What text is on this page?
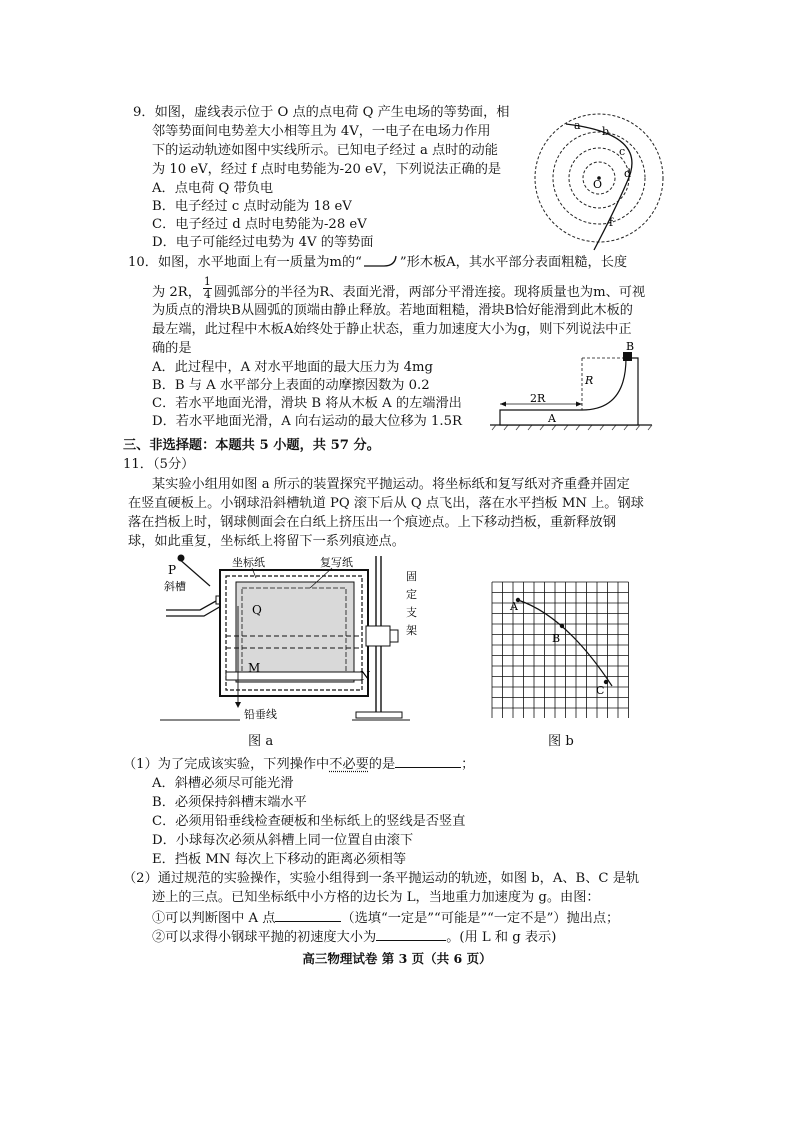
9．如图，虚线表示位于 O 点的点电荷 Q 产生电场的等势面，相
邻等势面间电势差大小相等且为 4V，一电子在电场力作用
下的运动轨迹如图中实线所示。已知电子经过 a 点时的动能
为 10 eV，经过 f 点时电势能为-20 eV，下列说法正确的是
A．点电荷 Q 带负电
B．电子经过 c 点时动能为 18 eV
C．电子经过 d 点时电势能为-28 eV
D．电子可能经过电势为 4V 的等势面
a b
c
d
O
f
10．如图，水平地面上有一质量为m的“	”形木板A，其水平部分表面粗糙，长度
为 2R， $\frac{1}{4}$ 圆弧部分的半径为R、表面光滑，两部分平滑连接。现将质量也为m、可视
为质点的滑块B从圆弧的顶端由静止释放。若地面粗糙，滑块B恰好能滑到此木板的
最左端，此过程中木板A始终处于静止状态，重力加速度大小为g，则下列说法中正
确的是
A．此过程中，A 对水平地面的最大压力为 4mg
B．B 与 A 水平部分上表面的动摩擦因数为 0.2
C．若水平地面光滑，滑块 B 将从木板 A 的左端滑出
D．若水平地面光滑，A 向右运动的最大位移为 1.5R
B
R
2R
A
三、非选择题：本题共 5 小题，共 57 分。
11．（5分）
某实验小组用如图 a 所示的装置探究平抛运动。将坐标纸和复写纸对齐重叠并固定
在竖直硬板上。小钢球沿斜槽轨道 PQ 滚下后从 Q 点飞出，落在水平挡板 MN 上。钢球
落在挡板上时，钢球侧面会在白纸上挤压出一个痕迹点。上下移动挡板，重新释放钢
球，如此重复，坐标纸上将留下一系列痕迹点。
P
斜槽
坐标纸	复写纸
Q
M
N
铅垂线
固
定
支
架
A
B
C
图 a	图 b
（1）为了完成该实验，下列操作中不必要的是	；
A．斜槽必须尽可能光滑
B．必须保持斜槽末端水平
C．必须用铅垂线检查硬板和坐标纸上的竖线是否竖直
D．小球每次必须从斜槽上同一位置自由滚下
E．挡板 MN 每次上下移动的距离必须相等
（2）通过规范的实验操作，实验小组得到一条平抛运动的轨迹，如图 b，A、B、C 是轨
迹上的三点。已知坐标纸中小方格的边长为 L，当地重力加速度为 g。由图：
①可以判断图中 A 点	（选填“一定是”“可能是”“一定不是”）抛出点；
②可以求得小钢球平抛的初速度大小为	。(用 L 和 g 表示)
高三物理试卷 第 3 页（共 6 页）
